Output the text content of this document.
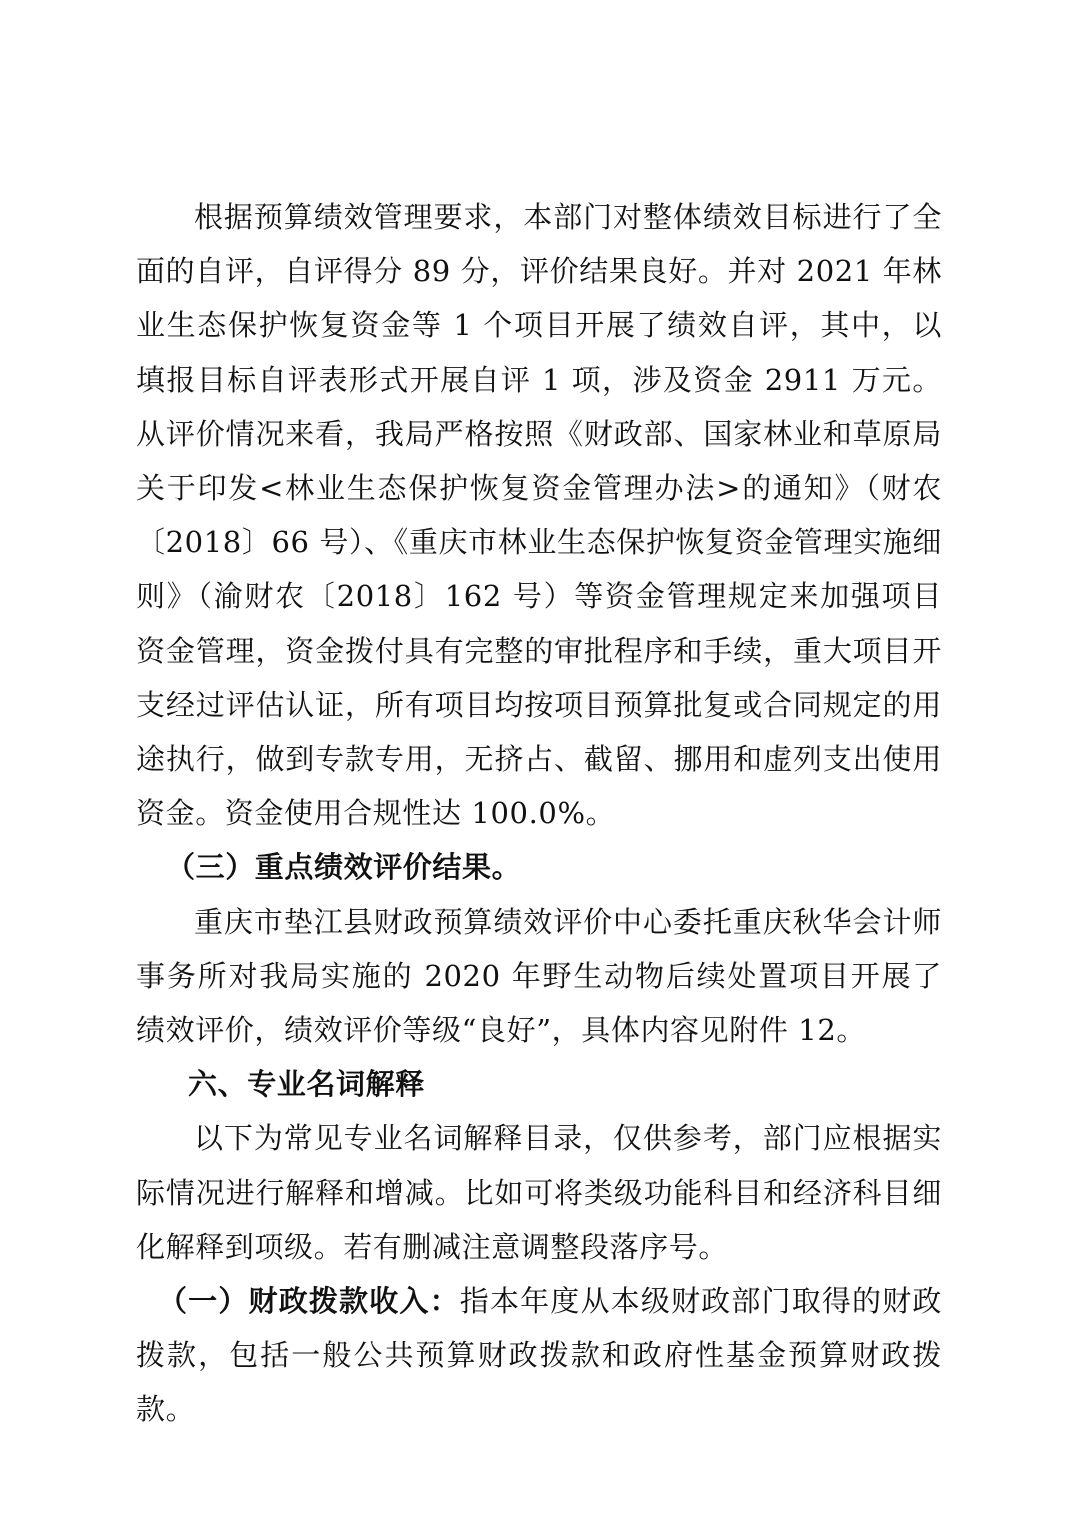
根据预算绩效管理要求，本部门对整体绩效目标进行了全面的自评，自评得分 89 分，评价结果良好。并对 2021 年林业生态保护恢复资金等 1 个项目开展了绩效自评，其中，以填报目标自评表形式开展自评 1 项，涉及资金 2911 万元。从评价情况来看，我局严格按照《财政部、国家林业和草原局关于印发<林业生态保护恢复资金管理办法>的通知》（财农〔2018〕66 号）、《重庆市林业生态保护恢复资金管理实施细则》（渝财农〔2018〕162 号）等资金管理规定来加强项目资金管理，资金拨付具有完整的审批程序和手续，重大项目开支经过评估认证，所有项目均按项目预算批复或合同规定的用途执行，做到专款专用，无挤占、截留、挪用和虚列支出使用资金。资金使用合规性达 100.0%。

（三）重点绩效评价结果。

重庆市垫江县财政预算绩效评价中心委托重庆秋华会计师事务所对我局实施的 2020 年野生动物后续处置项目开展了绩效评价，绩效评价等级“良好”，具体内容见附件 12。

六、专业名词解释

以下为常见专业名词解释目录，仅供参考，部门应根据实际情况进行解释和增减。比如可将类级功能科目和经济科目细化解释到项级。若有删减注意调整段落序号。

（一）财政拨款收入：指本年度从本级财政部门取得的财政拨款，包括一般公共预算财政拨款和政府性基金预算财政拨款。
